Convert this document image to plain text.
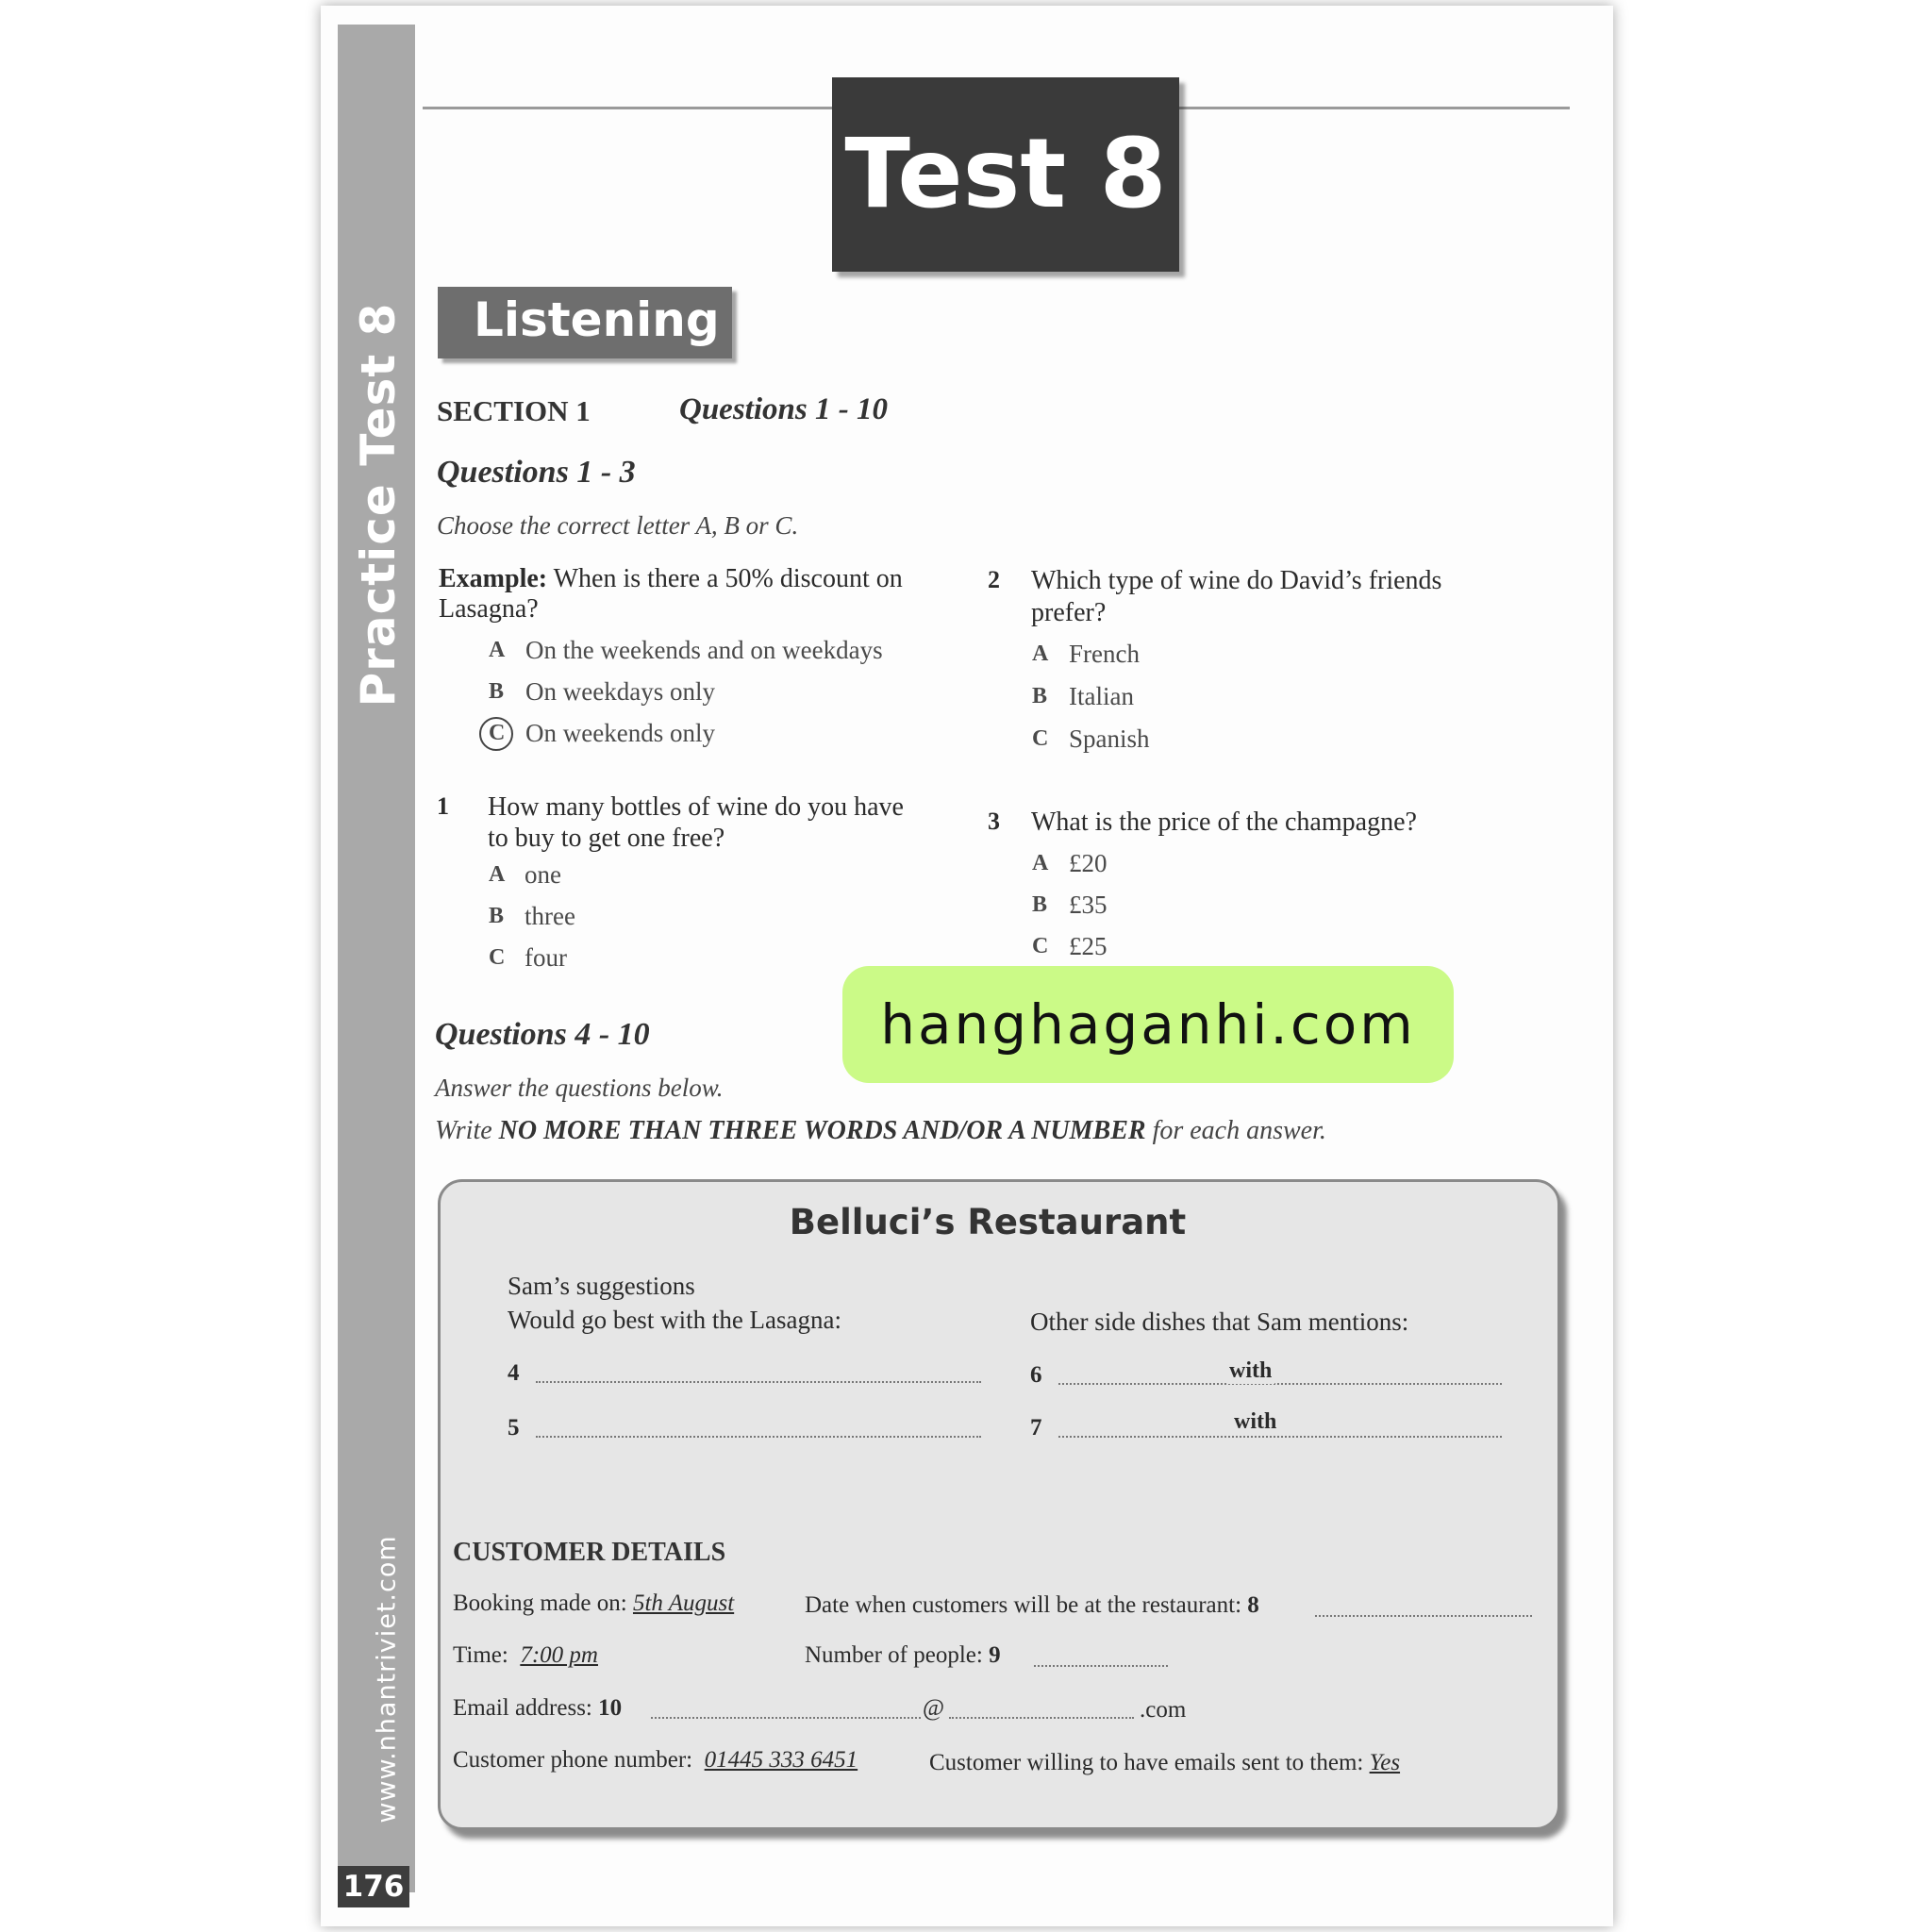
Practice Test 8
www.nhantriviet.com
176
Test 8
Listening
SECTION 1	Questions 1 - 10
Questions 1 - 3
Choose the correct letter A, B or C.
Example: When is there a 50% discount on
Lasagna?
A On the weekends and on weekdays
B On weekdays only
C On weekends only
1 How many bottles of wine do you have
to buy to get one free?
A one
B three
C four
2 Which type of wine do David’s friends
prefer?
A French
B Italian
C Spanish
3 What is the price of the champagne?
A £20
B £35
C £25
hanghaganhi.com
Questions 4 - 10
Answer the questions below.
Write NO MORE THAN THREE WORDS AND/OR A NUMBER for each answer.
Belluci’s Restaurant
Sam’s suggestions
Would go best with the Lasagna:	Other side dishes that Sam mentions:
4
5
6	with
7	with
CUSTOMER DETAILS
Booking made on: 5th August	Date when customers will be at the restaurant: 8
Time: 7:00 pm	Number of people: 9
Email address: 10	@	.com
Customer phone number: 01445 333 6451	Customer willing to have emails sent to them: Yes
